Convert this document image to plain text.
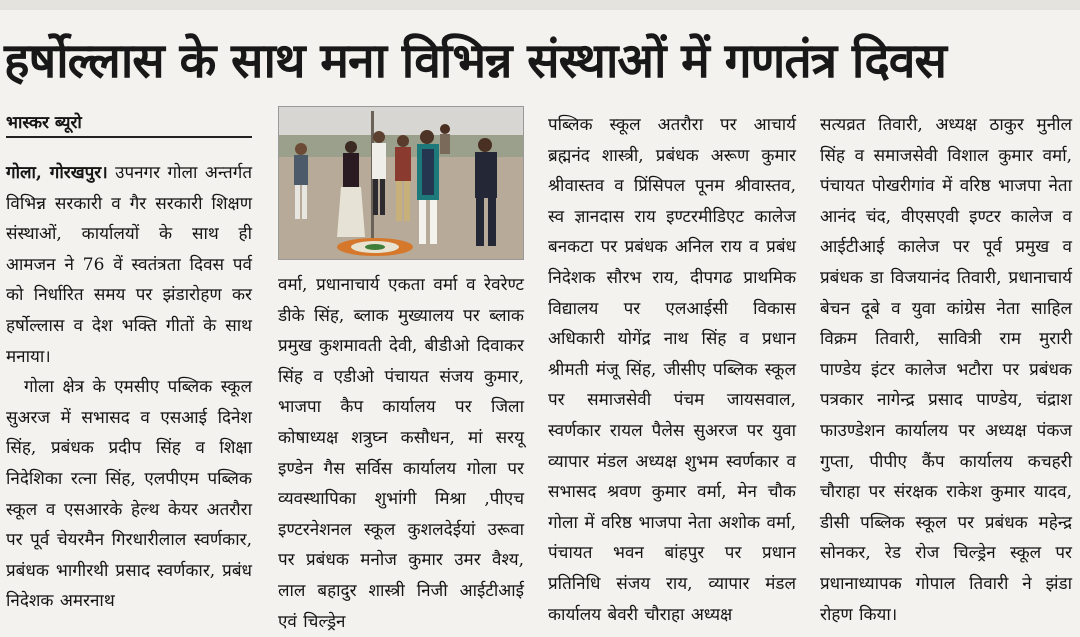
हर्षोल्लास के साथ मना विभिन्न संस्थाओं में गणतंत्र दिवस
भास्कर ब्यूरो

गोला, गोरखपुर। उपनगर गोला अन्तर्गत विभिन्न सरकारी व गैर सरकारी शिक्षण संस्थाओं, कार्यालयों के साथ ही आमजन ने 76 वें स्वतंत्रता दिवस पर्व को निर्धारित समय पर झंडारोहण कर हर्षोल्लास व देश भक्ति गीतों के साथ मनाया।

गोला क्षेत्र के एमसीए पब्लिक स्कूल सुअरज में सभासद व एसआई दिनेश सिंह, प्रबंधक प्रदीप सिंह व शिक्षा निदेशिका रत्ना सिंह, एलपीएम पब्लिक स्कूल व एसआरके हेल्थ केयर अतरौरा पर पूर्व चेयरमैन गिरधारीलाल स्वर्णकार, प्रबंधक भागीरथी प्रसाद स्वर्णकार, प्रबंध निदेशक अमरनाथ

वर्मा, प्रधानाचार्य एकता वर्मा व रेवरेण्ट डीके सिंह, ब्लाक मुख्यालय पर ब्लाक प्रमुख कुशमावती देवी, बीडीओ दिवाकर सिंह व एडीओ पंचायत संजय कुमार, भाजपा कैप कार्यालय पर जिला कोषाध्यक्ष शत्रुघ्न कसौधन, मां सरयू इण्डेन गैस सर्विस कार्यालय गोला पर व्यवस्थापिका शुभांगी मिश्रा ,पीएच इण्टरनेशनल स्कूल कुशलदेईयां उरूवा पर प्रबंधक मनोज कुमार उमर वैश्य, लाल बहादुर शास्त्री निजी आईटीआई एवं चिल्ड्रेन

पब्लिक स्कूल अतरौरा पर आचार्य ब्रह्मनंद शास्त्री, प्रबंधक अरूण कुमार श्रीवास्तव व प्रिंसिपल पूनम श्रीवास्तव, स्व ज्ञानदास राय इण्टरमीडिएट कालेज बनकटा पर प्रबंधक अनिल राय व प्रबंध निदेशक सौरभ राय, दीपगढ प्राथमिक विद्यालय पर एलआईसी विकास अधिकारी योगेंद्र नाथ सिंह व प्रधान श्रीमती मंजू सिंह, जीसीए पब्लिक स्कूल पर समाजसेवी पंचम जायसवाल, स्वर्णकार रायल पैलेस सुअरज पर युवा व्यापार मंडल अध्यक्ष शुभम स्वर्णकार व सभासद श्रवण कुमार वर्मा, मेन चौक गोला में वरिष्ठ भाजपा नेता अशोक वर्मा, पंचायत भवन बांहपुर पर प्रधान प्रतिनिधि संजय राय, व्यापार मंडल कार्यालय बेवरी चौराहा अध्यक्ष

सत्यव्रत तिवारी, अध्यक्ष ठाकुर मुनील सिंह व समाजसेवी विशाल कुमार वर्मा, पंचायत पोखरीगांव में वरिष्ठ भाजपा नेता आनंद चंद, वीएसएवी इण्टर कालेज व आईटीआई कालेज पर पूर्व प्रमुख व प्रबंधक डा विजयानंद तिवारी, प्रधानाचार्य बेचन दूबे व युवा कांग्रेस नेता साहिल विक्रम तिवारी, सावित्री राम मुरारी पाण्डेय इंटर कालेज भटौरा पर प्रबंधक पत्रकार नागेन्द्र प्रसाद पाण्डेय, चंद्राश फाउण्डेशन कार्यालय पर अध्यक्ष पंकज गुप्ता, पीपीए कैंप कार्यालय कचहरी चौराहा पर संरक्षक राकेश कुमार यादव, डीसी पब्लिक स्कूल पर प्रबंधक महेन्द्र सोनकर, रेड रोज चिल्ड्रेन स्कूल पर प्रधानाध्यापक गोपाल तिवारी ने झंडा रोहण किया।
